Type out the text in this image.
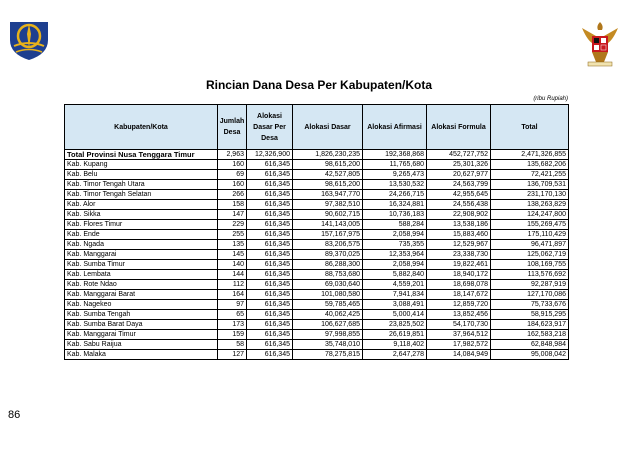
Rincian Dana Desa Per Kabupaten/Kota
(ribu Rupiah)
Kabupaten/Kota	Jumlah Desa	Alokasi Dasar Per Desa	Alokasi Dasar	Alokasi Afirmasi	Alokasi Formula	Total
Total Provinsi Nusa Tenggara Timur	2,963	12,326,900	1,826,230,235	192,368,868	452,727,752	2,471,326,855
Kab. Kupang	160	616,345	98,615,200	11,765,680	25,301,326	135,682,206
Kab. Belu	69	616,345	42,527,805	9,265,473	20,627,977	72,421,255
Kab. Timor Tengah Utara	160	616,345	98,615,200	13,530,532	24,563,799	136,709,531
Kab. Timor Tengah Selatan	266	616,345	163,947,770	24,266,715	42,955,645	231,170,130
Kab. Alor	158	616,345	97,382,510	16,324,881	24,556,438	138,263,829
Kab. Sikka	147	616,345	90,602,715	10,736,183	22,908,902	124,247,800
Kab. Flores Timur	229	616,345	141,143,005	588,284	13,538,186	155,269,475
Kab. Ende	255	616,345	157,167,975	2,058,994	15,883,460	175,110,429
Kab. Ngada	135	616,345	83,206,575	735,355	12,529,967	96,471,897
Kab. Manggarai	145	616,345	89,370,025	12,353,964	23,338,730	125,062,719
Kab. Sumba Timur	140	616,345	86,288,300	2,058,994	19,822,461	108,169,755
Kab. Lembata	144	616,345	88,753,680	5,882,840	18,940,172	113,576,692
Kab. Rote Ndao	112	616,345	69,030,640	4,559,201	18,698,078	92,287,919
Kab. Manggarai Barat	164	616,345	101,080,580	7,941,834	18,147,672	127,170,086
Kab. Nagekeo	97	616,345	59,785,465	3,088,491	12,859,720	75,733,676
Kab. Sumba Tengah	65	616,345	40,062,425	5,000,414	13,852,456	58,915,295
Kab. Sumba Barat Daya	173	616,345	106,627,685	23,825,502	54,170,730	184,623,917
Kab. Manggarai Timur	159	616,345	97,998,855	26,619,851	37,964,512	162,583,218
Kab. Sabu Raijua	58	616,345	35,748,010	9,118,402	17,982,572	62,848,984
Kab. Malaka	127	616,345	78,275,815	2,647,278	14,084,949	95,008,042
86
